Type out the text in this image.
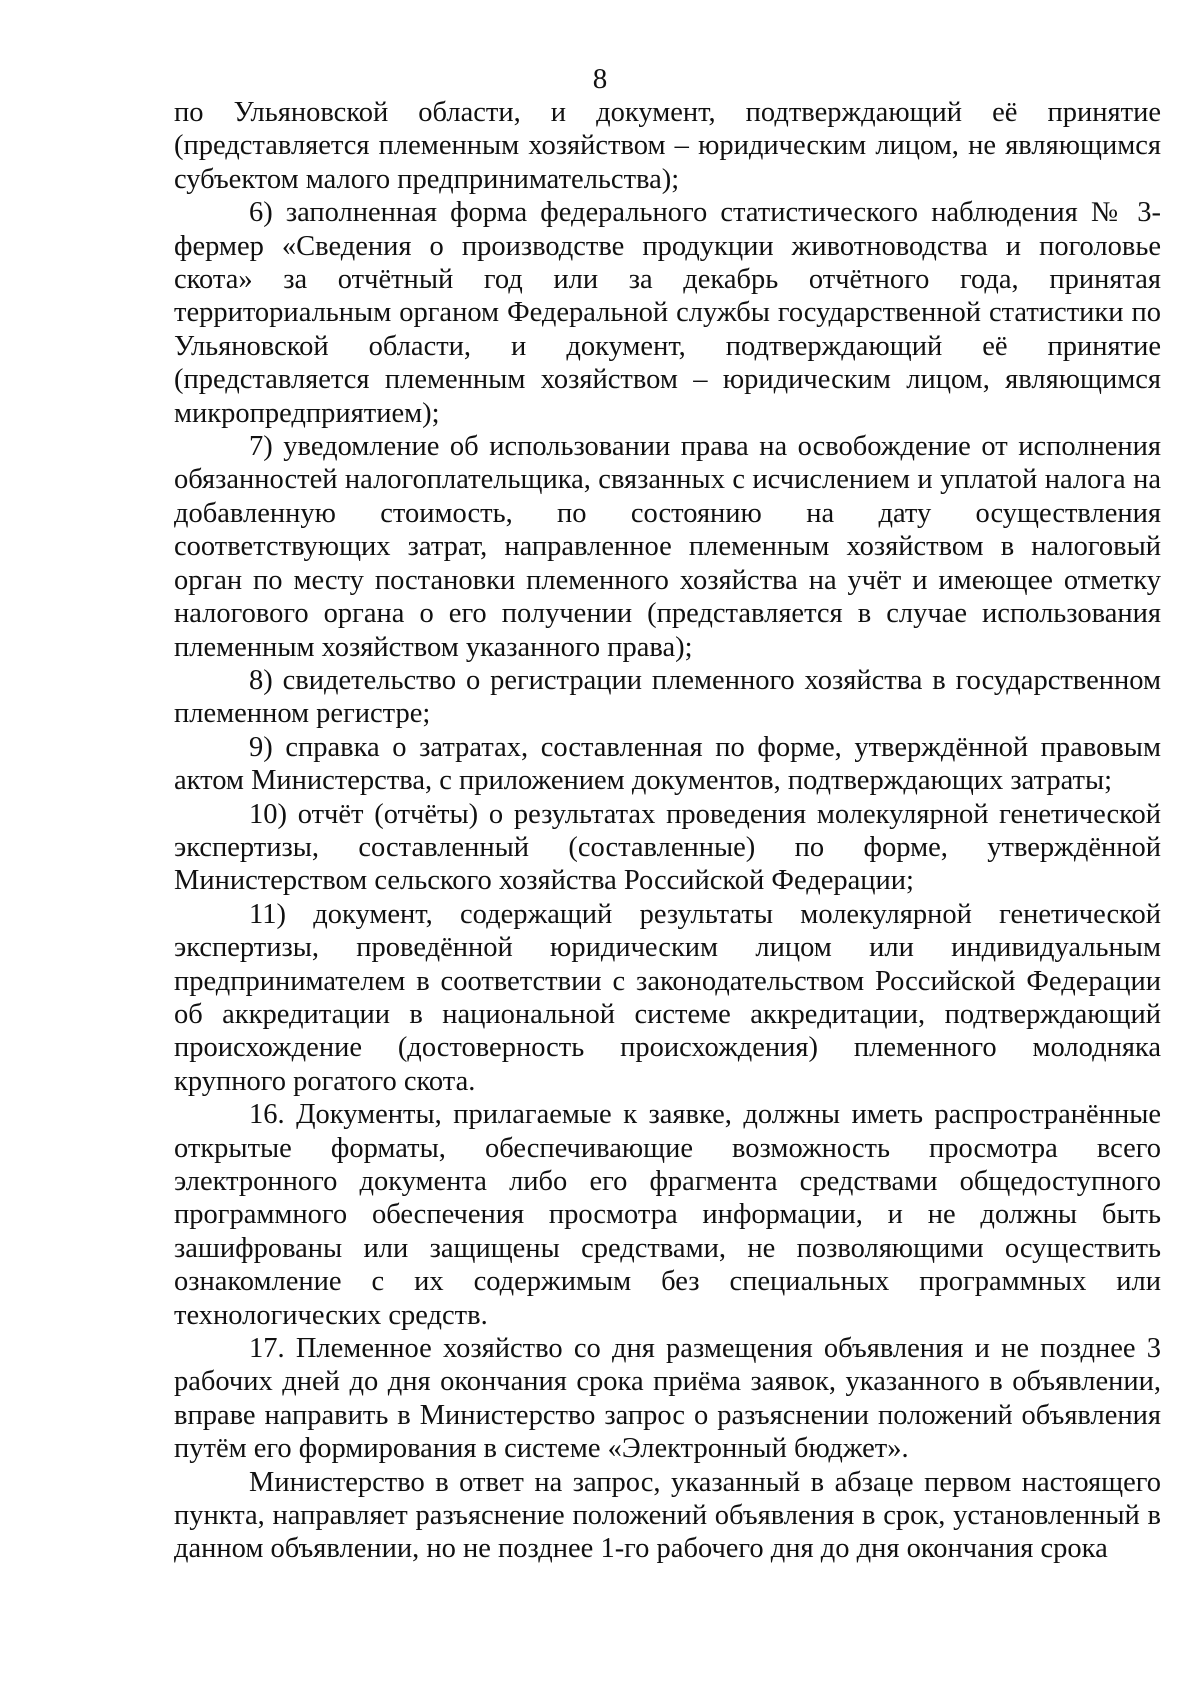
8

по Ульяновской области, и документ, подтверждающий её принятие (представляется племенным хозяйством – юридическим лицом, не являющимся субъектом малого предпринимательства);

6) заполненная форма федерального статистического наблюдения № 3-фермер «Сведения о производстве продукции животноводства и поголовье скота» за отчётный год или за декабрь отчётного года, принятая территориальным органом Федеральной службы государственной статистики по Ульяновской области, и документ, подтверждающий её принятие (представляется племенным хозяйством – юридическим лицом, являющимся микропредприятием);

7) уведомление об использовании права на освобождение от исполнения обязанностей налогоплательщика, связанных с исчислением и уплатой налога на добавленную стоимость, по состоянию на дату осуществления соответствующих затрат, направленное племенным хозяйством в налоговый орган по месту постановки племенного хозяйства на учёт и имеющее отметку налогового органа о его получении (представляется в случае использования племенным хозяйством указанного права);

8) свидетельство о регистрации племенного хозяйства в государственном племенном регистре;

9) справка о затратах, составленная по форме, утверждённой правовым актом Министерства, с приложением документов, подтверждающих затраты;

10) отчёт (отчёты) о результатах проведения молекулярной генетической экспертизы, составленный (составленные) по форме, утверждённой Министерством сельского хозяйства Российской Федерации;

11) документ, содержащий результаты молекулярной генетической экспертизы, проведённой юридическим лицом или индивидуальным предпринимателем в соответствии с законодательством Российской Федерации об аккредитации в национальной системе аккредитации, подтверждающий происхождение (достоверность происхождения) племенного молодняка крупного рогатого скота.

16. Документы, прилагаемые к заявке, должны иметь распространённые открытые форматы, обеспечивающие возможность просмотра всего электронного документа либо его фрагмента средствами общедоступного программного обеспечения просмотра информации, и не должны быть зашифрованы или защищены средствами, не позволяющими осуществить ознакомление с их содержимым без специальных программных или технологических средств.

17. Племенное хозяйство со дня размещения объявления и не позднее 3 рабочих дней до дня окончания срока приёма заявок, указанного в объявлении, вправе направить в Министерство запрос о разъяснении положений объявления путём его формирования в системе «Электронный бюджет».

Министерство в ответ на запрос, указанный в абзаце первом настоящего пункта, направляет разъяснение положений объявления в срок, установленный в данном объявлении, но не позднее 1-го рабочего дня до дня окончания срока
